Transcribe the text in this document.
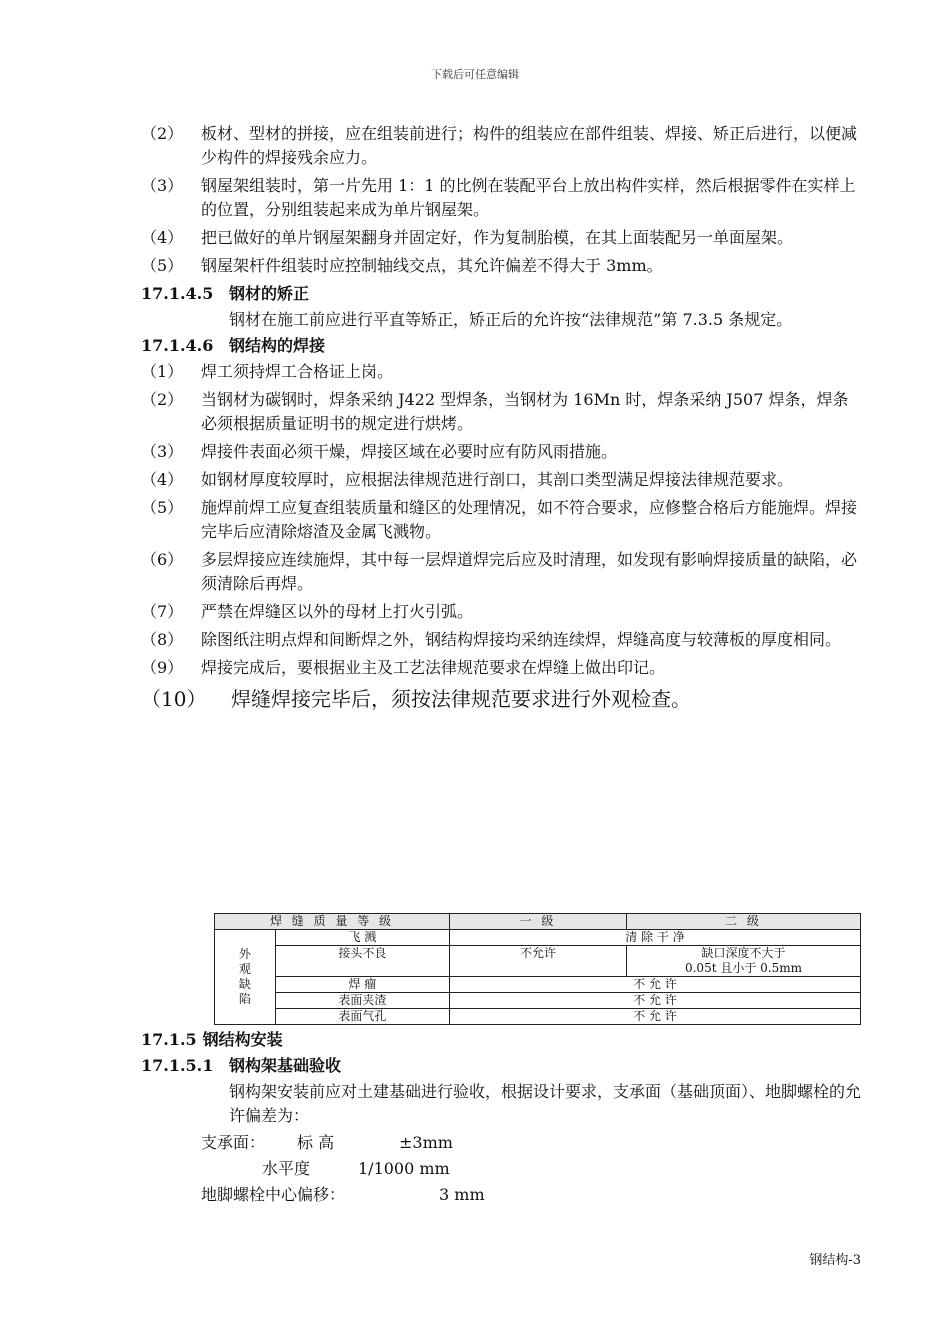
下载后可任意编辑
（2）	板材、型材的拼接，应在组装前进行；构件的组装应在部件组装、焊接、矫正后进行，以便减少构件的焊接残余应力。
（3）	钢屋架组装时，第一片先用 1：1 的比例在装配平台上放出构件实样，然后根据零件在实样上的位置，分别组装起来成为单片钢屋架。
（4）	把已做好的单片钢屋架翻身并固定好，作为复制胎模，在其上面装配另一单面屋架。
（5）	钢屋架杆件组装时应控制轴线交点，其允许偏差不得大于 3mm。
17.1.4.5 钢材的矫正
钢材在施工前应进行平直等矫正，矫正后的允许按“法律规范”第 7.3.5 条规定。
17.1.4.6 钢结构的焊接
（1）	焊工须持焊工合格证上岗。
（2）	当钢材为碳钢时，焊条采纳 J422 型焊条，当钢材为 16Mn 时，焊条采纳 J507 焊条，焊条必须根据质量证明书的规定进行烘烤。
（3）	焊接件表面必须干燥，焊接区域在必要时应有防风雨措施。
（4）	如钢材厚度较厚时，应根据法律规范进行剖口，其剖口类型满足焊接法律规范要求。
（5）	施焊前焊工应复查组装质量和缝区的处理情况，如不符合要求，应修整合格后方能施焊。焊接完毕后应清除熔渣及金属飞溅物。
（6）	多层焊接应连续施焊，其中每一层焊道焊完后应及时清理，如发现有影响焊接质量的缺陷，必须清除后再焊。
（7）	严禁在焊缝区以外的母材上打火引弧。
（8）	除图纸注明点焊和间断焊之外，钢结构焊接均采纳连续焊，焊缝高度与较薄板的厚度相同。
（9）	焊接完成后，要根据业主及工艺法律规范要求在焊缝上做出印记。
（10）	焊缝焊接完毕后，须按法律规范要求进行外观检查。
焊 缝 质 量 等 级		一 级	二 级

外观缺陷	飞 溅	清 除 干 净	
	接头不良	不允许	缺口深度不大于
0.05t 且小于 0.5mm

	焊 瘤	不 允 许	
	表面夹渣	不 允 许	
	表面气孔	不 允 许	
17.1.5 钢结构安装
17.1.5.1 钢构架基础验收
钢构架安装前应对土建基础进行验收，根据设计要求，支承面（基础顶面）、地脚螺栓的允许偏差为：
支承面： 标 高	±3mm
水平度	1/1000 mm
地脚螺栓中心偏移：	3 mm
钢结构-3
